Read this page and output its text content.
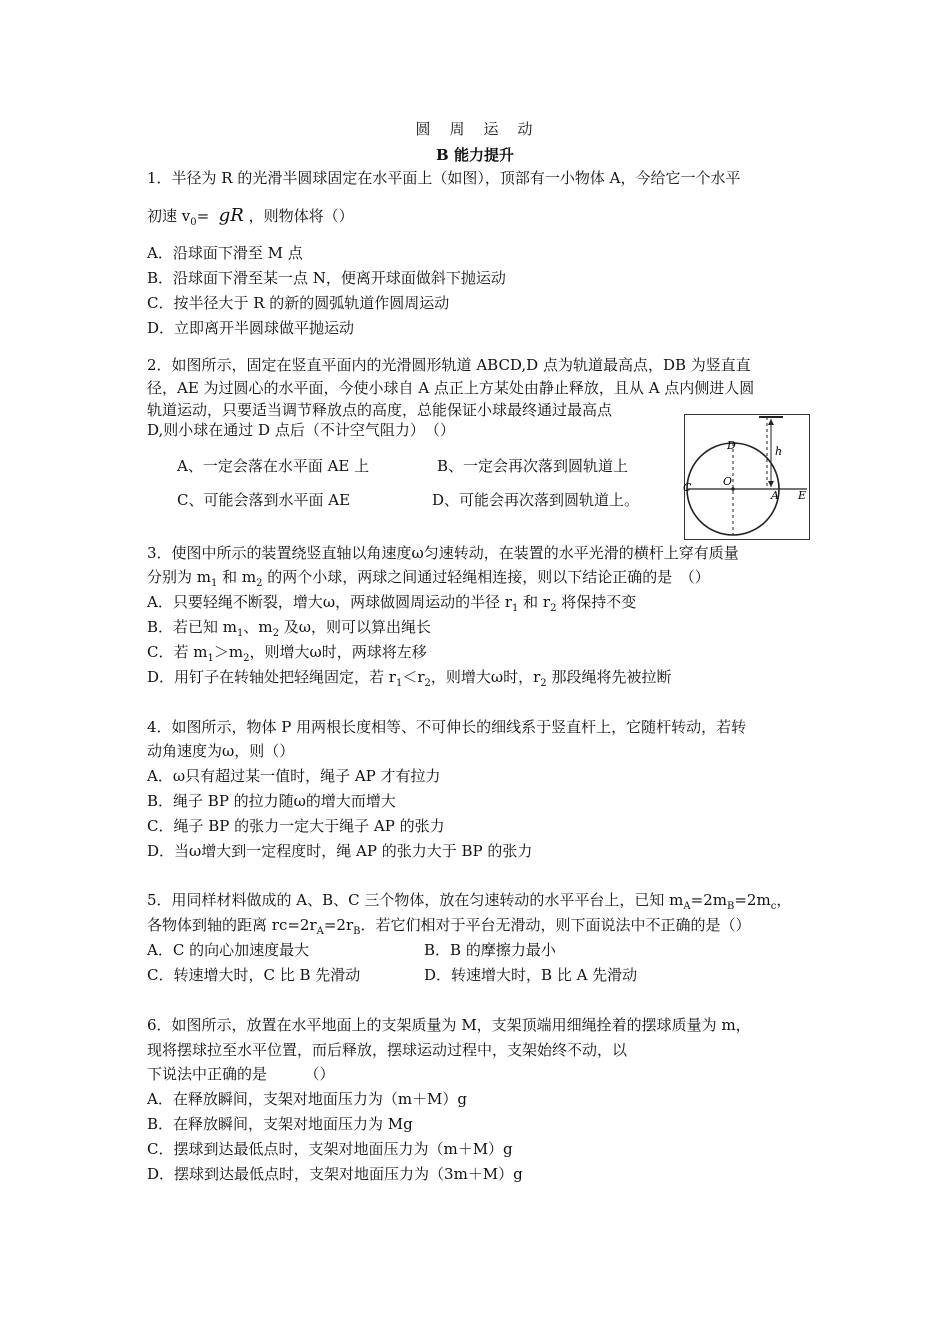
圆　周　运　动
B 能力提升
1．半径为 R 的光滑半圆球固定在水平面上（如图），顶部有一小物体 A，今给它一个水平
初速 $v_0=$ gR ，则物体将（）
A．沿球面下滑至 M 点
B．沿球面下滑至某一点 N，便离开球面做斜下抛运动
C．按半径大于 R 的新的圆弧轨道作圆周运动
D．立即离开半圆球做平抛运动
2．如图所示，固定在竖直平面内的光滑圆形轨道 ABCD,D 点为轨道最高点，DB 为竖直直
径，AE 为过圆心的水平面，今使小球自 A 点正上方某处由静止释放，且从 A 点内侧进人圆
轨道运动，只要适当调节释放点的高度，总能保证小球最终通过最高点
D,则小球在通过 D 点后（不计空气阻力）　（）
A、一定会落在水平面 AE 上	B、一定会再次落到圆轨道上
C、可能会落到水平面 AE	D、可能会再次落到圆轨道上。
D	h
C	O
A E
3．使图中所示的装置绕竖直轴以角速度ω匀速转动，在装置的水平光滑的横杆上穿有质量
分别为 $m_1$ 和 $m_2$ 的两个小球，两球之间通过轻绳相连接，则以下结论正确的是　（）
A．只要轻绳不断裂，增大ω，两球做圆周运动的半径 $r_1$ 和 $r_2$ 将保持不变
B．若已知 $m_1$、$m_2$ 及ω，则可以算出绳长
C．若 $m_1>m_2$，则增大ω时，两球将左移
D．用钉子在转轴处把轻绳固定，若 $r_1<r_2$，则增大ω时，$r_2$ 那段绳将先被拉断
4．如图所示，物体 P 用两根长度相等、不可伸长的细线系于竖直杆上，它随杆转动，若转
动角速度为ω，则（）
A．ω只有超过某一值时，绳子 AP 才有拉力
B．绳子 BP 的拉力随ω的增大而增大
C．绳子 BP 的张力一定大于绳子 AP 的张力
D．当ω增大到一定程度时，绳 AP 的张力大于 BP 的张力
5．用同样材料做成的 A、B、C 三个物体，放在匀速转动的水平平台上，已知 $m_A=2m_B=2m_c$，
各物体到轴的距离 $rc=2r_A=2r_B$．若它们相对于平台无滑动，则下面说法中不正确的是（）
A．C 的向心加速度最大	B．B 的摩擦力最小
C．转速增大时，C 比 B 先滑动	D．转速增大时，B 比 A 先滑动
6．如图所示，放置在水平地面上的支架质量为 M，支架顶端用细绳拴着的摆球质量为 m，
现将摆球拉至水平位置，而后释放，摆球运动过程中，支架始终不动，以
下说法中正确的是　　　（）
A．在释放瞬间，支架对地面压力为（m＋M）g
B．在释放瞬间，支架对地面压力为 Mg
C．摆球到达最低点时，支架对地面压力为（m＋M）g
D．摆球到达最低点时，支架对地面压力为（3m＋M）g
